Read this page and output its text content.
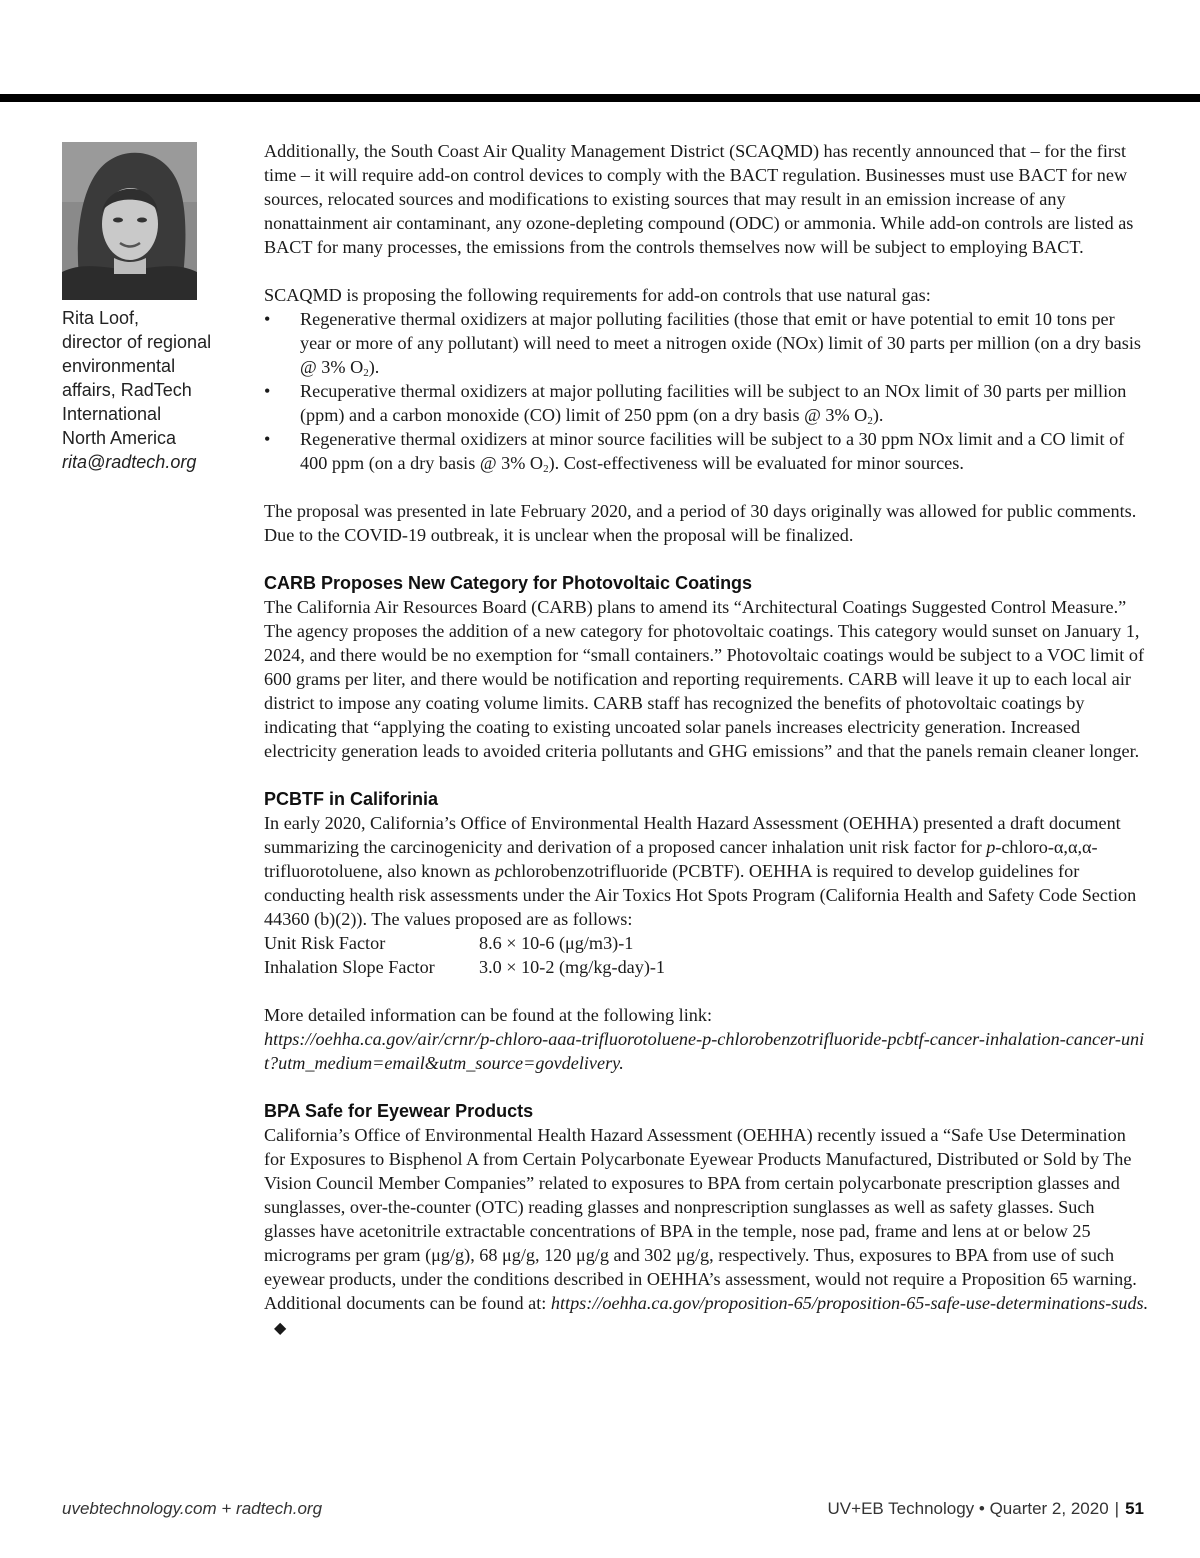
Rita Loof,
director of regional
environmental
affairs, RadTech
International
North America
rita@radtech.org

Additionally, the South Coast Air Quality Management District (SCAQMD) has recently announced that – for the first time – it will require add-on control devices to comply with the BACT regulation. Businesses must use BACT for new sources, relocated sources and modifications to existing sources that may result in an emission increase of any nonattainment air contaminant, any ozone-depleting compound (ODC) or ammonia. While add-on controls are listed as BACT for many processes, the emissions from the controls themselves now will be subject to employing BACT.

SCAQMD is proposing the following requirements for add-on controls that use natural gas:

• Regenerative thermal oxidizers at major polluting facilities (those that emit or have potential to emit 10 tons per year or more of any pollutant) will need to meet a nitrogen oxide (NOx) limit of 30 parts per million (on a dry basis @ 3% $O_2$).
• Recuperative thermal oxidizers at major polluting facilities will be subject to an NOx limit of 30 parts per million (ppm) and a carbon monoxide (CO) limit of 250 ppm (on a dry basis @ 3% $O_2$).
• Regenerative thermal oxidizers at minor source facilities will be subject to a 30 ppm NOx limit and a CO limit of 400 ppm (on a dry basis @ 3% $O_2$). Cost-effectiveness will be evaluated for minor sources.

The proposal was presented in late February 2020, and a period of 30 days originally was allowed for public comments. Due to the COVID-19 outbreak, it is unclear when the proposal will be finalized.

CARB Proposes New Category for Photovoltaic Coatings

The California Air Resources Board (CARB) plans to amend its “Architectural Coatings Suggested Control Measure.” The agency proposes the addition of a new category for photovoltaic coatings. This category would sunset on January 1, 2024, and there would be no exemption for “small containers.” Photovoltaic coatings would be subject to a VOC limit of 600 grams per liter, and there would be notification and reporting requirements. CARB will leave it up to each local air district to impose any coating volume limits. CARB staff has recognized the benefits of photovoltaic coatings by indicating that “applying the coating to existing uncoated solar panels increases electricity generation. Increased electricity generation leads to avoided criteria pollutants and GHG emissions” and that the panels remain cleaner longer.

PCBTF in Califorinia

In early 2020, California’s Office of Environmental Health Hazard Assessment (OEHHA) presented a draft document summarizing the carcinogenicity and derivation of a proposed cancer inhalation unit risk factor for p-chloro-α,α,α-trifluorotoluene, also known as pchlorobenzotrifluoride (PCBTF). OEHHA is required to develop guidelines for conducting health risk assessments under the Air Toxics Hot Spots Program (California Health and Safety Code Section 44360 (b)(2)). The values proposed are as follows:

Unit Risk Factor	8.6 × 10-6 (μg/m3)-1
Inhalation Slope Factor	3.0 × 10-2 (mg/kg-day)-1

More detailed information can be found at the following link:

https://oehha.ca.gov/air/crnr/p-chloro-aaa-trifluorotoluene-p-chlorobenzotrifluoride-pcbtf-cancer-inhalation-cancer-unit?utm_medium=email&utm_source=govdelivery.

BPA Safe for Eyewear Products

California’s Office of Environmental Health Hazard Assessment (OEHHA) recently issued a “Safe Use Determination for Exposures to Bisphenol A from Certain Polycarbonate Eyewear Products Manufactured, Distributed or Sold by The Vision Council Member Companies” related to exposures to BPA from certain polycarbonate prescription glasses and sunglasses, over-the-counter (OTC) reading glasses and nonprescription sunglasses as well as safety glasses. Such glasses have acetonitrile extractable concentrations of BPA in the temple, nose pad, frame and lens at or below 25 micrograms per gram (μg/g), 68 μg/g, 120 μg/g and 302 μg/g, respectively. Thus, exposures to BPA from use of such eyewear products, under the conditions described in OEHHA’s assessment, would not require a Proposition 65 warning. Additional documents can be found at: https://oehha.ca.gov/proposition-65/proposition-65-safe-use-determinations-suds.◆

uvebtechnology.com + radtech.org	UV+EB Technology • Quarter 2, 2020 | 51
